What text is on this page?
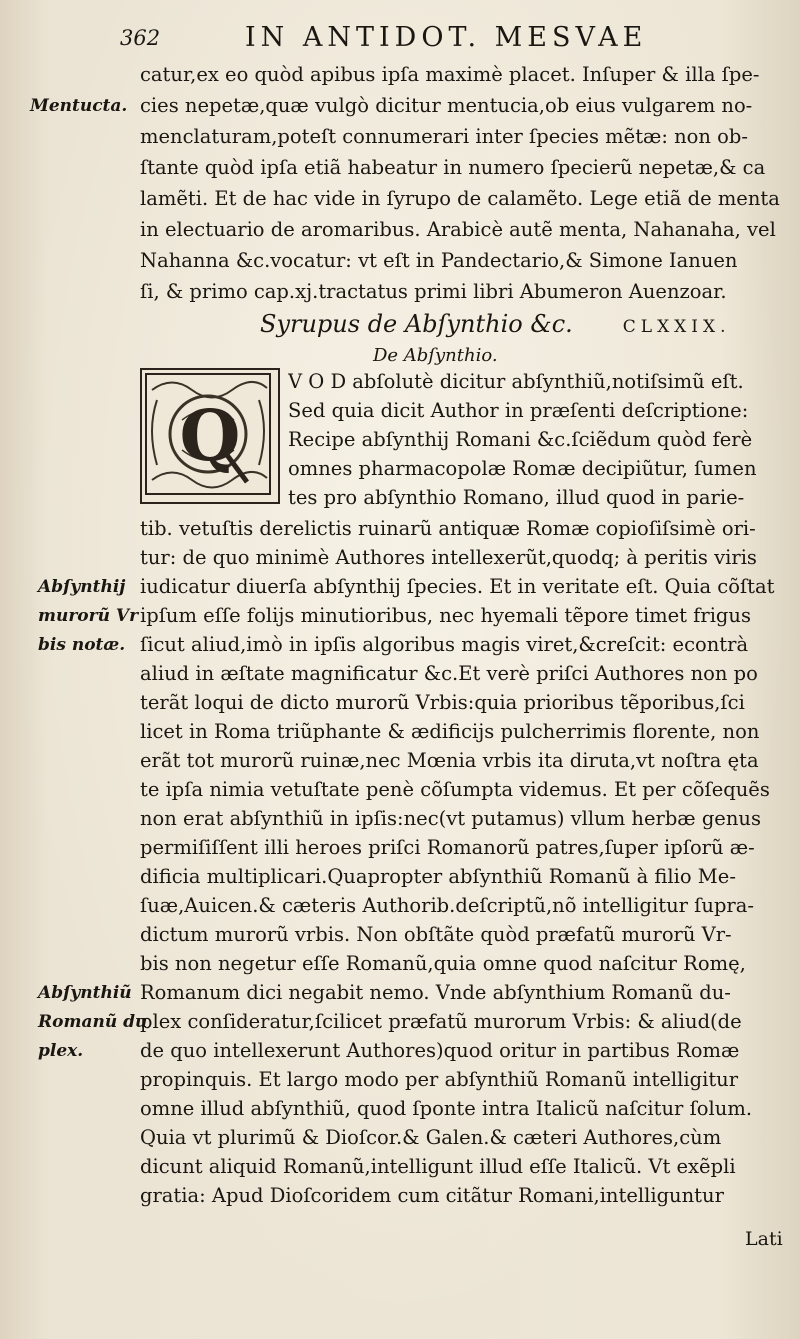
362	IN ANTIDOT. MESVAE
catur,ex eo quòd apibus ipſa maximè placet. Inſuper & illa ſpe-
cies nepetæ,quæ vulgò dicitur mentucia,ob eius vulgarem no-
menclaturam,poteſt connumerari inter ſpecies mẽtæ: non ob-
ſtante quòd ipſa etiã habeatur in numero ſpecierũ nepetæ,& ca
lamẽti. Et de hac vide in ſyrupo de calamẽto. Lege etiã de menta
in electuario de aromaribus. Arabicè autẽ menta, Nahanaha, vel
Nahanna &c.vocatur: vt eſt in Pandectario,& Simone Ianuen
ſi, & primo cap.xj.tractatus primi libri Abumeron Auenzoar.
Mentucta.
Syrupus de Abſynthio &c.	CLXXIX.
De Abſynthio.
Q
V O D abſolutè dicitur abſynthiũ,notiſsimũ eſt.
Sed quia dicit Author in præſenti deſcriptione:
Recipe abſynthij Romani &c.ſciẽdum quòd ferè
omnes pharmacopolæ Romæ decipiũtur, ſumen
tes pro abſynthio Romano, illud quod in parie-
tib. vetuſtis derelictis ruinarũ antiquæ Romæ copioſiſsimè ori-
tur: de quo minimè Authores intellexerũt,quodq; à peritis viris
iudicatur diuerſa abſynthij ſpecies. Et in veritate eſt. Quia cõſtat
ipſum eſſe folijs minutioribus, nec hyemali tẽpore timet frigus
ſicut aliud,imò in ipſis algoribus magis viret,&creſcit: econtrà
aliud in æſtate magnificatur &c.Et verè priſci Authores non po
terãt loqui de dicto murorũ Vrbis:quia prioribus tẽporibus,ſci
licet in Roma triũphante & ædificijs pulcherrimis florente, non
erãt tot murorũ ruinæ,nec Mœnia vrbis ita diruta,vt noſtra ęta
te ipſa nimia vetuſtate penè cõſumpta videmus. Et per cõſequẽs
non erat abſynthiũ in ipſis:nec(vt putamus) vllum herbæ genus
permiſiſſent illi heroes priſci Romanorũ patres,ſuper ipſorũ æ-
dificia multiplicari.Quapropter abſynthiũ Romanũ à filio Me-
ſuæ,Auicen.& cæteris Authorib.deſcriptũ,nõ intelligitur ſupra-
dictum murorũ vrbis. Non obſtãte quòd præfatũ murorũ Vr-
bis non negetur eſſe Romanũ,quia omne quod naſcitur Romę,
Romanum dici negabit nemo. Vnde abſynthium Romanũ du-
plex conſideratur,ſcilicet præfatũ murorum Vrbis: & aliud(de
de quo intellexerunt Authores)quod oritur in partibus Romæ
propinquis. Et largo modo per abſynthiũ Romanũ intelligitur
omne illud abſynthiũ, quod ſponte intra Italicũ naſcitur ſolum.
Quia vt plurimũ & Dioſcor.& Galen.& cæteri Authores,cùm
dicunt aliquid Romanũ,intelligunt illud eſſe Italicũ. Vt exẽpli
gratia: Apud Dioſcoridem cum citãtur Romani,intelliguntur
Abſynthij
murorũ Vr
bis notæ.
Abſynthiũ
Romanũ du
plex.
Lati
